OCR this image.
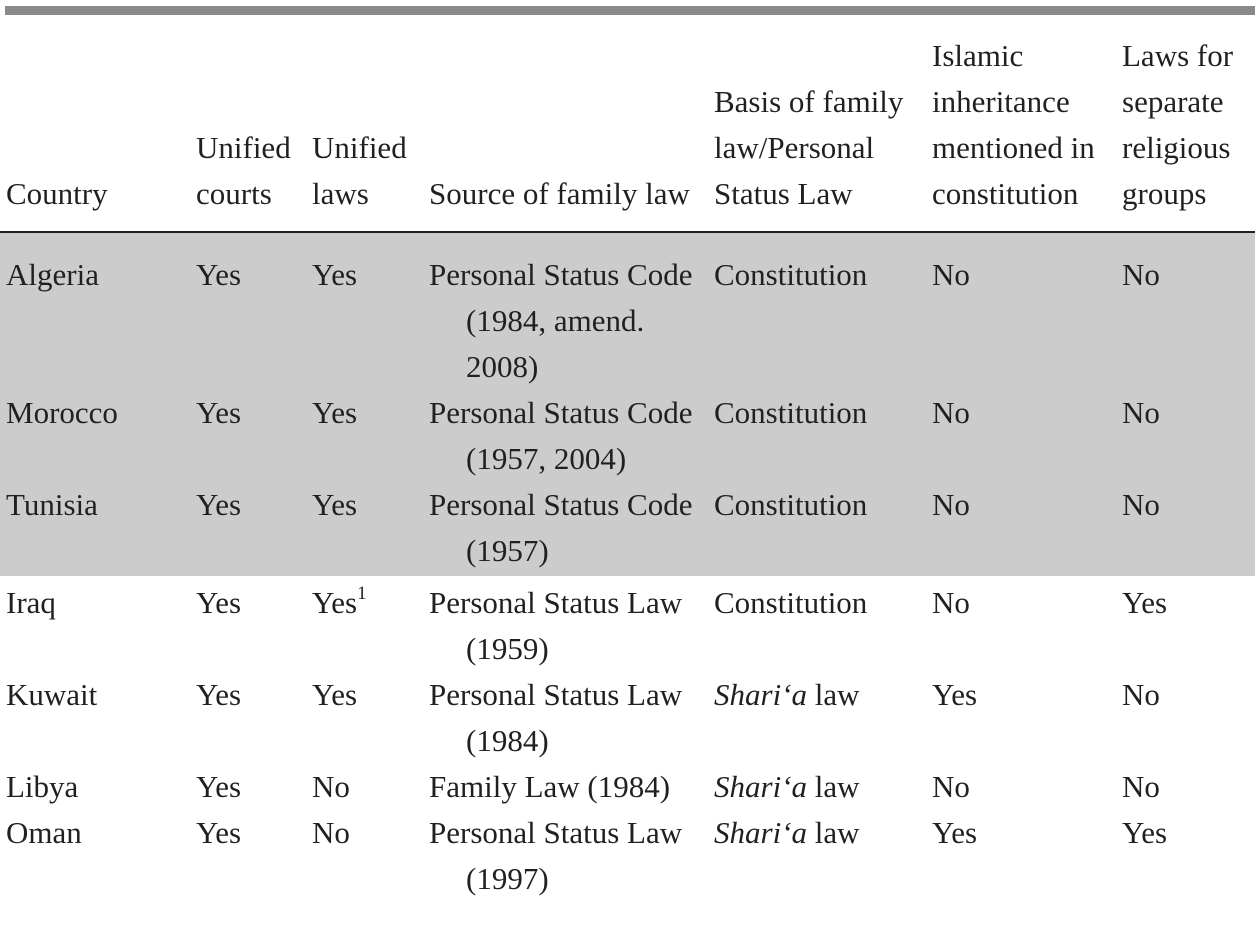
Country	Unified courts	Unified laws	Source of family law	Basis of family law/Personal Status Law	Islamic inheritance mentioned in constitution	Laws for separate religious groups
Algeria	Yes	Yes	Personal Status Code (1984, amend. 2008)	Constitution	No	No
Morocco	Yes	Yes	Personal Status Code (1957, 2004)	Constitution	No	No
Tunisia	Yes	Yes	Personal Status Code (1957)	Constitution	No	No
Iraq	Yes	Yes$^1$	Personal Status Law (1959)	Constitution	No	Yes
Kuwait	Yes	Yes	Personal Status Law (1984)	Shari‘a law	Yes	No
Libya	Yes	No	Family Law (1984)	Shari‘a law	No	No
Oman	Yes	No	Personal Status Law (1997)	Shari‘a law	Yes	Yes
